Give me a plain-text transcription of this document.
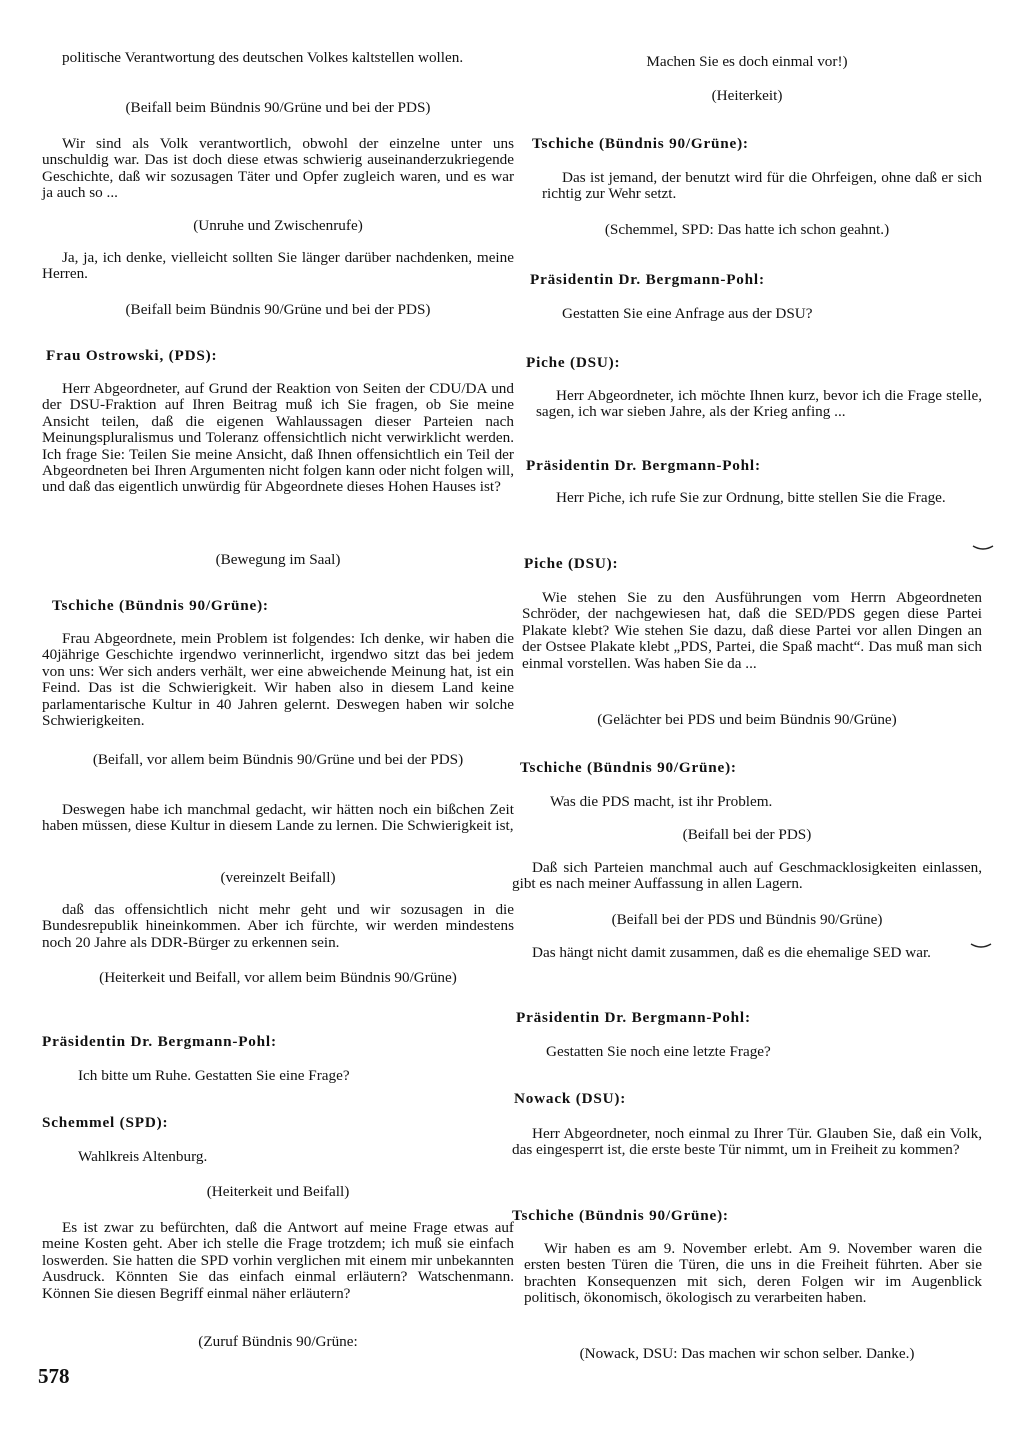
politische Verantwortung des deutschen Volkes kaltstellen wollen.
(Beifall beim Bündnis 90/Grüne und bei der PDS)
Wir sind als Volk verantwortlich, obwohl der einzelne unter uns unschuldig war. Das ist doch diese etwas schwierig auseinanderzukriegende Geschichte, daß wir sozusagen Täter und Opfer zugleich waren, und es war ja auch so ...
(Unruhe und Zwischenrufe)
Ja, ja, ich denke, vielleicht sollten Sie länger darüber nachdenken, meine Herren.
(Beifall beim Bündnis 90/Grüne und bei der PDS)
Frau Ostrowski, (PDS):
Herr Abgeordneter, auf Grund der Reaktion von Seiten der CDU/DA und der DSU-Fraktion auf Ihren Beitrag muß ich Sie fragen, ob Sie meine Ansicht teilen, daß die eigenen Wahlaussagen dieser Parteien nach Meinungspluralismus und Toleranz offensichtlich nicht verwirklicht werden. Ich frage Sie: Teilen Sie meine Ansicht, daß Ihnen offensichtlich ein Teil der Abgeordneten bei Ihren Argumenten nicht folgen kann oder nicht folgen will, und daß das eigentlich unwürdig für Abgeordnete dieses Hohen Hauses ist?
(Bewegung im Saal)
Tschiche (Bündnis 90/Grüne):
Frau Abgeordnete, mein Problem ist folgendes: Ich denke, wir haben die 40jährige Geschichte irgendwo verinnerlicht, irgendwo sitzt das bei jedem von uns: Wer sich anders verhält, wer eine abweichende Meinung hat, ist ein Feind. Das ist die Schwierigkeit. Wir haben also in diesem Land keine parlamentarische Kultur in 40 Jahren gelernt. Deswegen haben wir solche Schwierigkeiten.
(Beifall, vor allem beim Bündnis 90/Grüne und bei der PDS)
Deswegen habe ich manchmal gedacht, wir hätten noch ein bißchen Zeit haben müssen, diese Kultur in diesem Lande zu lernen. Die Schwierigkeit ist,
(vereinzelt Beifall)
daß das offensichtlich nicht mehr geht und wir sozusagen in die Bundesrepublik hineinkommen. Aber ich fürchte, wir werden mindestens noch 20 Jahre als DDR-Bürger zu erkennen sein.
(Heiterkeit und Beifall, vor allem beim Bündnis 90/Grüne)
Präsidentin Dr. Bergmann-Pohl:
Ich bitte um Ruhe. Gestatten Sie eine Frage?
Schemmel (SPD):
Wahlkreis Altenburg.
(Heiterkeit und Beifall)
Es ist zwar zu befürchten, daß die Antwort auf meine Frage etwas auf meine Kosten geht. Aber ich stelle die Frage trotzdem; ich muß sie einfach loswerden. Sie hatten die SPD vorhin verglichen mit einem mir unbekannten Ausdruck. Könnten Sie das einfach einmal erläutern? Watschenmann. Können Sie diesen Begriff einmal näher erläutern?
(Zuruf Bündnis 90/Grüne:
Machen Sie es doch einmal vor!)
(Heiterkeit)
Tschiche (Bündnis 90/Grüne):
Das ist jemand, der benutzt wird für die Ohrfeigen, ohne daß er sich richtig zur Wehr setzt.
(Schemmel, SPD: Das hatte ich schon geahnt.)
Präsidentin Dr. Bergmann-Pohl:
Gestatten Sie eine Anfrage aus der DSU?
Piche (DSU):
Herr Abgeordneter, ich möchte Ihnen kurz, bevor ich die Frage stelle, sagen, ich war sieben Jahre, als der Krieg anfing ...
Präsidentin Dr. Bergmann-Pohl:
Herr Piche, ich rufe Sie zur Ordnung, bitte stellen Sie die Frage.
Piche (DSU):
Wie stehen Sie zu den Ausführungen vom Herrn Abgeordneten Schröder, der nachgewiesen hat, daß die SED/PDS gegen diese Partei Plakate klebt? Wie stehen Sie dazu, daß diese Partei vor allen Dingen an der Ostsee Plakate klebt „PDS, Partei, die Spaß macht“. Das muß man sich einmal vorstellen. Was haben Sie da ...
(Gelächter bei PDS und beim Bündnis 90/Grüne)
Tschiche (Bündnis 90/Grüne):
Was die PDS macht, ist ihr Problem.
(Beifall bei der PDS)
Daß sich Parteien manchmal auch auf Geschmacklosigkeiten einlassen, gibt es nach meiner Auffassung in allen Lagern.
(Beifall bei der PDS und Bündnis 90/Grüne)
Das hängt nicht damit zusammen, daß es die ehemalige SED war.
Präsidentin Dr. Bergmann-Pohl:
Gestatten Sie noch eine letzte Frage?
Nowack (DSU):
Herr Abgeordneter, noch einmal zu Ihrer Tür. Glauben Sie, daß ein Volk, das eingesperrt ist, die erste beste Tür nimmt, um in Freiheit zu kommen?
Tschiche (Bündnis 90/Grüne):
Wir haben es am 9. November erlebt. Am 9. November waren die ersten besten Türen die Türen, die uns in die Freiheit führten. Aber sie brachten Konsequenzen mit sich, deren Folgen wir im Augenblick politisch, ökonomisch, ökologisch zu verarbeiten haben.
(Nowack, DSU: Das machen wir schon selber. Danke.)
578
